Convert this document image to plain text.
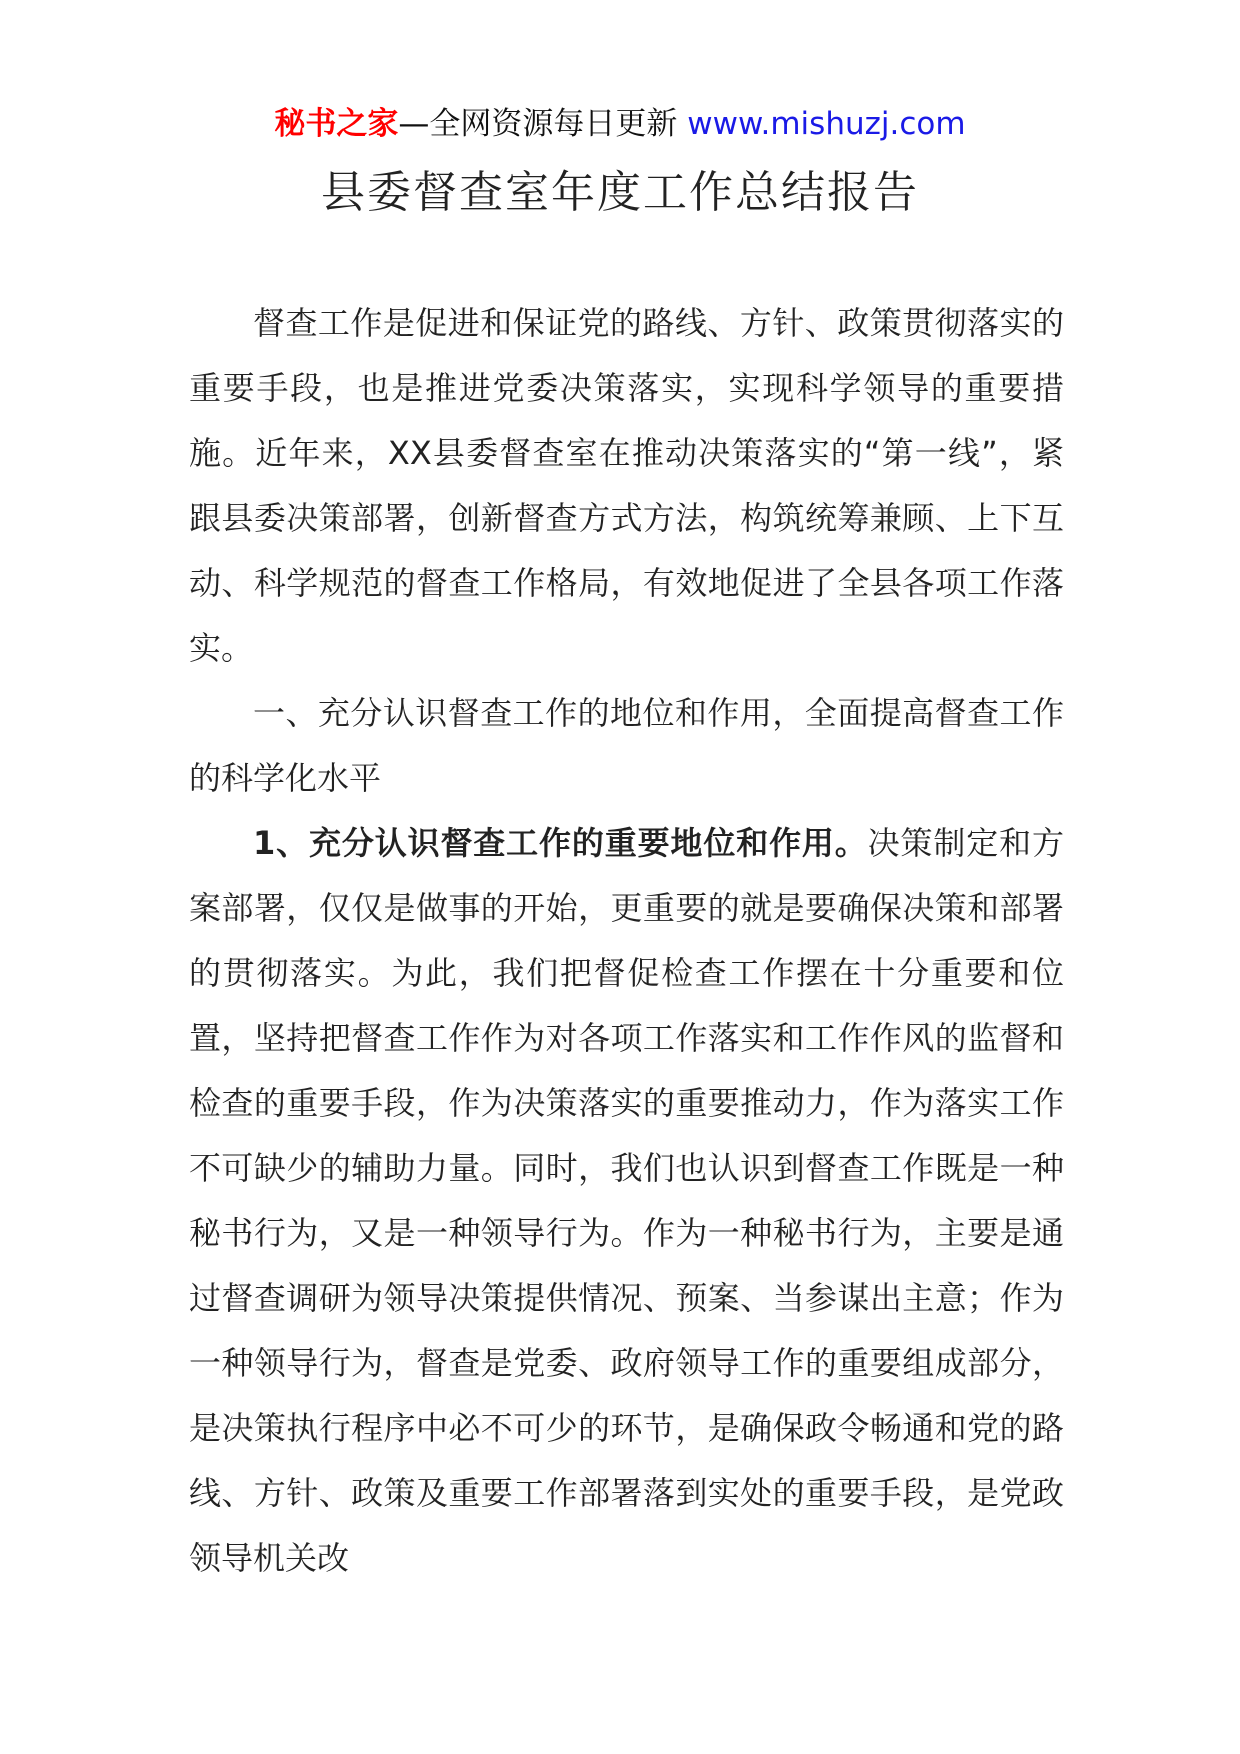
秘书之家—全网资源每日更新 www.mishuzj.com
县委督查室年度工作总结报告

督查工作是促进和保证党的路线、方针、政策贯彻落实的重要手段，也是推进党委决策落实，实现科学领导的重要措施。近年来，XX县委督查室在推动决策落实的“第一线”，紧跟县委决策部署，创新督查方式方法，构筑统筹兼顾、上下互动、科学规范的督查工作格局，有效地促进了全县各项工作落实。

一、充分认识督查工作的地位和作用，全面提高督查工作的科学化水平

1、充分认识督查工作的重要地位和作用。决策制定和方案部署，仅仅是做事的开始，更重要的就是要确保决策和部署的贯彻落实。为此，我们把督促检查工作摆在十分重要和位置，坚持把督查工作作为对各项工作落实和工作作风的监督和检查的重要手段，作为决策落实的重要推动力，作为落实工作不可缺少的辅助力量。同时，我们也认识到督查工作既是一种秘书行为，又是一种领导行为。作为一种秘书行为，主要是通过督查调研为领导决策提供情况、预案、当参谋出主意；作为一种领导行为，督查是党委、政府领导工作的重要组成部分，是决策执行程序中必不可少的环节，是确保政令畅通和党的路线、方针、政策及重要工作部署落到实处的重要手段，是党政领导机关改
